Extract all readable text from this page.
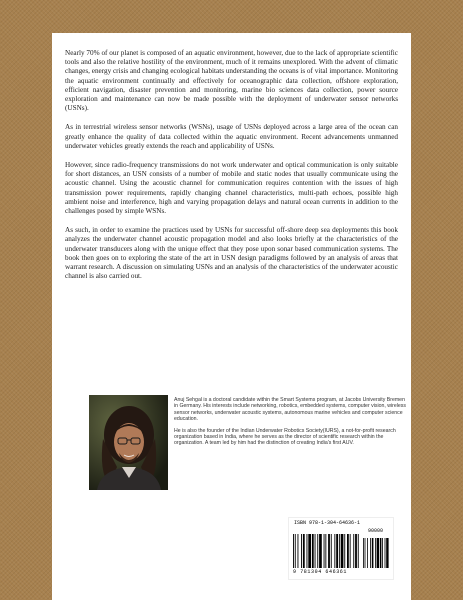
Nearly 70% of our planet is composed of an aquatic environment, however, due to the lack of appropriate scientific tools and also the relative hostility of the environment, much of it remains unexplored. With the advent of climatic changes, energy crisis and changing ecological habitats understanding the oceans is of vital importance. Monitoring the aquatic environment continually and effectively for oceanographic data collection, offshore exploration, efficient navigation, disaster prevention and monitoring, marine bio sciences data collection, power source exploration and maintenance can now be made possible with the deployment of underwater sensor networks (USNs).

As in terrestrial wireless sensor networks (WSNs), usage of USNs deployed across a large area of the ocean can greatly enhance the quality of data collected within the aquatic environment. Recent advancements unmanned underwater vehicles greatly extends the reach and applicability of USNs.

However, since radio-frequency transmissions do not work underwater and optical communication is only suitable for short distances, an USN consists of a number of mobile and static nodes that usually communicate using the acoustic channel. Using the acoustic channel for communication requires contention with the issues of high transmission power requirements, rapidly changing channel characteristics, multi-path echoes, possible high ambient noise and interference, high and varying propagation delays and natural ocean currents in addition to the challenges posed by simple WSNs.

As such, in order to examine the practices used by USNs for successful off-shore deep sea deployments this book analyzes the underwater channel acoustic propagation model and also looks briefly at the characteristics of the underwater transducers along with the unique effect that they pose upon sonar based communication systems. The book then goes on to exploring the state of the art in USN design paradigms followed by an analysis of areas that warrant research. A discussion on simulating USNs and an analysis of the characteristics of the underwater acoustic channel is also carried out.

Anuj Sehgal is a doctoral candidate within the Smart Systems program, at Jacobs University Bremen in Germany. His interests include networking, robotics, embedded systems, computer vision, wireless sensor networks, underwater acoustic systems, autonomous marine vehicles and computer science education.

He is also the founder of the Indian Underwater Robotics Society(IURS), a not-for-profit research organization based in India, where he serves as the director of scientific research within the organization. A team led by him had the distinction of creating India's first AUV.

ISBN 978-1-304-64636-1
90000
9 781304 646361
